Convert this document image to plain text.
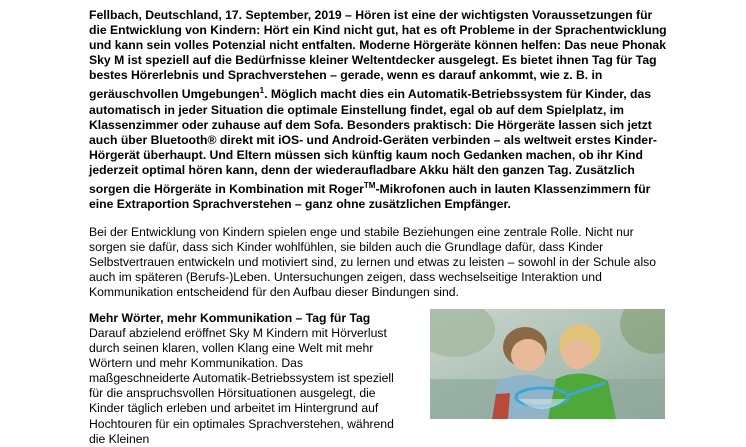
Fellbach, Deutschland, 17. September, 2019 – Hören ist eine der wichtigsten Voraussetzungen für die Entwicklung von Kindern: Hört ein Kind nicht gut, hat es oft Probleme in der Sprachentwicklung und kann sein volles Potenzial nicht entfalten. Moderne Hörgeräte können helfen: Das neue Phonak Sky M ist speziell auf die Bedürfnisse kleiner Weltentdecker ausgelegt. Es bietet ihnen Tag für Tag bestes Hörerlebnis und Sprachverstehen – gerade, wenn es darauf ankommt, wie z. B. in geräuschvollen Umgebungen$^1$. Möglich macht dies ein Automatik-Betriebssystem für Kinder, das automatisch in jeder Situation die optimale Einstellung findet, egal ob auf dem Spielplatz, im Klassenzimmer oder zuhause auf dem Sofa. Besonders praktisch: Die Hörgeräte lassen sich jetzt auch über Bluetooth® direkt mit iOS- und Android-Geräten verbinden – als weltweit erstes Kinder-Hörgerät überhaupt. Und Eltern müssen sich künftig kaum noch Gedanken machen, ob ihr Kind jederzeit optimal hören kann, denn der wiederaufladbare Akku hält den ganzen Tag. Zusätzlich sorgen die Hörgeräte in Kombination mit Roger™-Mikrofonen auch in lauten Klassenzimmern für eine Extraportion Sprachverstehen – ganz ohne zusätzlichen Empfänger.

Bei der Entwicklung von Kindern spielen enge und stabile Beziehungen eine zentrale Rolle. Nicht nur sorgen sie dafür, dass sich Kinder wohlfühlen, sie bilden auch die Grundlage dafür, dass Kinder Selbstvertrauen entwickeln und motiviert sind, zu lernen und etwas zu leisten – sowohl in der Schule also auch im späteren (Berufs-)Leben. Untersuchungen zeigen, dass wechselseitige Interaktion und Kommunikation entscheidend für den Aufbau dieser Bindungen sind.

Mehr Wörter, mehr Kommunikation – Tag für Tag

Darauf abzielend eröffnet Sky M Kindern mit Hörverlust durch seinen klaren, vollen Klang eine Welt mit mehr Wörtern und mehr Kommunikation. Das maßgeschneiderte Automatik-Betriebssystem ist speziell für die anspruchsvollen Hörsituationen ausgelegt, die Kinder täglich erleben und arbeitet im Hintergrund auf Hochtouren für ein optimales Sprachverstehen, während die Kleinen
